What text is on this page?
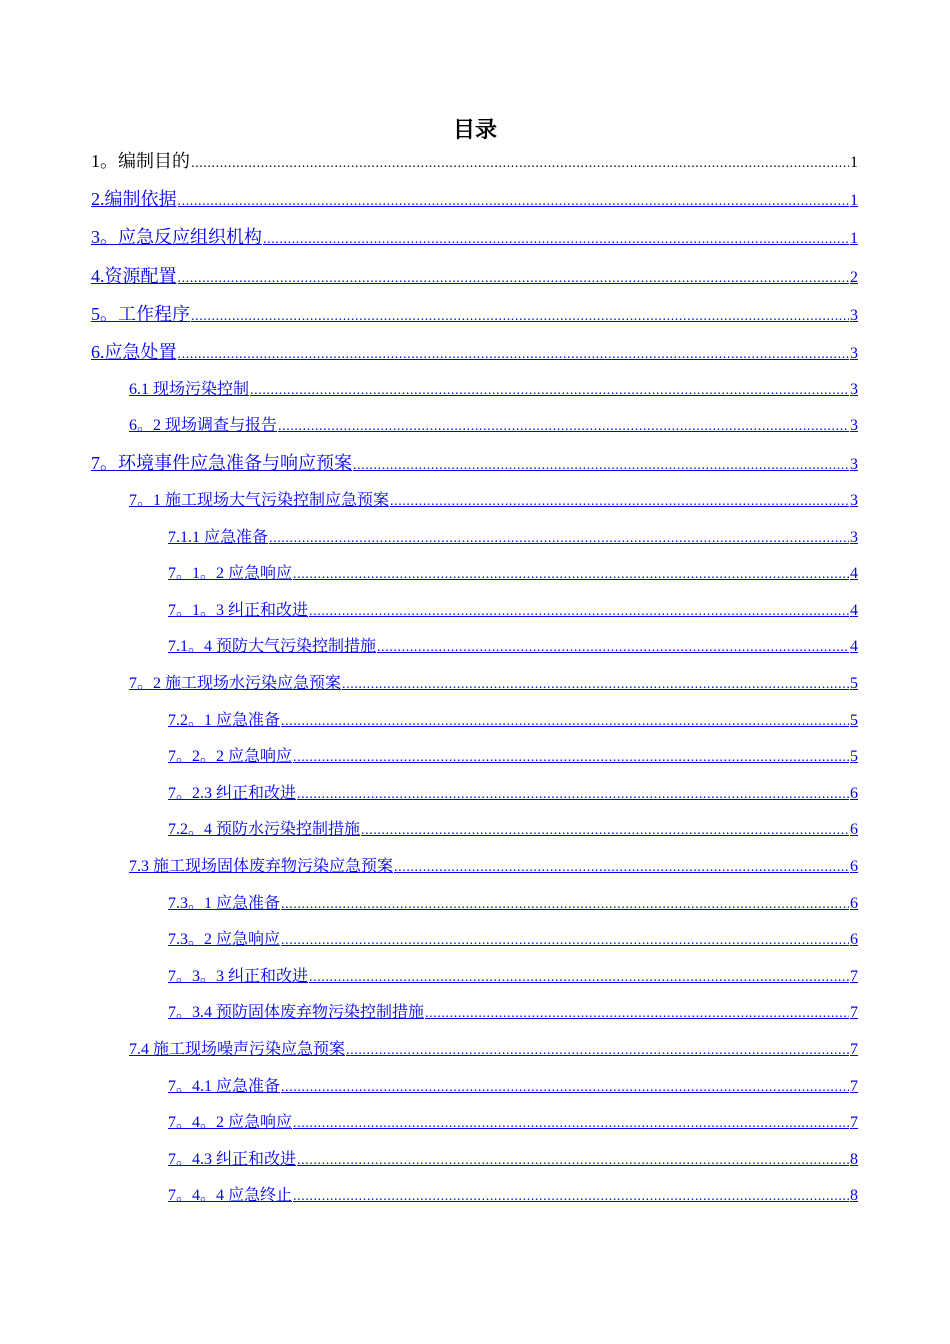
目录
1。编制目的 .....	1
2.编制依据 .....	1
3。应急反应组织机构 .....	1
4.资源配置 .....	2
5。工作程序 .....	3
6.应急处置 .....	3
6.1 现场污染控制 .....	3
6。2 现场调查与报告 .....	3
7。环境事件应急准备与响应预案 .....	3
7。1 施工现场大气污染控制应急预案 .....	3
7.1.1 应急准备 .....	3
7。1。2 应急响应 .....	4
7。1。3 纠正和改进 .....	4
7.1。4 预防大气污染控制措施 .....	4
7。2 施工现场水污染应急预案 .....	5
7.2。1 应急准备 .....	5
7。2。2 应急响应 .....	5
7。2.3 纠正和改进 .....	6
7.2。4 预防水污染控制措施 .....	6
7.3 施工现场固体废弃物污染应急预案 .....	6
7.3。1 应急准备 .....	6
7.3。2 应急响应 .....	6
7。3。3 纠正和改进 .....	7
7。3.4 预防固体废弃物污染控制措施 .....	7
7.4 施工现场噪声污染应急预案 .....	7
7。4.1 应急准备 .....	7
7。4。2 应急响应 .....	7
7。4.3 纠正和改进 .....	8
7。4。4 应急终止 .....	8
